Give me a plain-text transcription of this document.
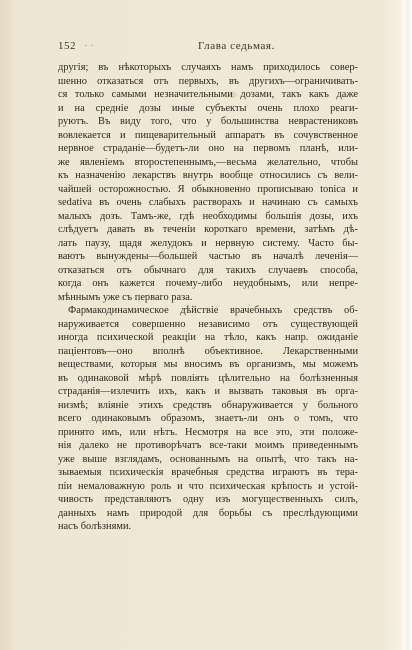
152 · ·	Глава седьмая.
другія; въ нѣкоторыхъ случаяхъ намъ приходилось совер-
шенно отказаться отъ первыхъ, въ другихъ—ограничивать-
ся только самыми незначительными дозами, такъ какъ даже
и на средніе дозы иные субъекты очень плохо реаги-
руютъ. Въ виду того, что у большинства неврастениковъ
вовлекается и пищеварительный аппаратъ въ сочувственное
нервное страданіе—будетъ-ли оно на первомъ планѣ, или-
же явленіемъ второстепеннымъ,—весьма желательно, чтобы
къ назначенію лекарствъ внутрь вообще относились съ вели-
чайшей осторожностью. Я обыкновенно прописываю tonica и
sedativa въ очень слабыхъ растворахъ и начинаю съ самыхъ
малыхъ дозъ. Тамъ-же, гдѣ необходимы большія дозы, ихъ
слѣдуетъ давать въ теченіи короткаго времени, затѣмъ дѣ-
лать паузу, щадя желудокъ и нервную систему. Часто бы-
ваютъ вынуждены—большей частью въ началѣ леченія—
отказаться отъ обычнаго для такихъ случаевъ способа,
когда онъ кажется почему-либо неудобнымъ, или непре-
мѣннымъ уже съ перваго раза.
Фармакодинамическое дѣйствіе врачебныхъ средствъ об-
наруживается совершенно независимо отъ существующей
иногда психической реакціи на тѣло, какъ напр. ожиданіе
паціентовъ—оно вполнѣ объективное. Лекарственными
веществами, которыя мы вносимъ въ организмъ, мы можемъ
въ одинаковой мѣрѣ повліять цѣлительно на болѣзненныя
страданія—излечить ихъ, какъ и вызвать таковыя въ орга-
низмѣ; вліяніе этихъ средствъ обнаруживается у больного
всего одинаковымъ образомъ, знаетъ-ли онъ о томъ, что
принято имъ, или нѣтъ. Несмотря на все это, эти положе-
нія далеко не противорѣчатъ все-таки моимъ приведеннымъ
уже выше взглядамъ, основаннымъ на опытѣ, что такъ на-
зываемыя психическія врачебныя средства играютъ въ тера-
піи немаловажную роль и что психическая крѣпость и устой-
чивость представляютъ одну изъ могущественныхъ силъ,
данныхъ намъ природой для борьбы съ преслѣдующими
насъ болѣзнями.
